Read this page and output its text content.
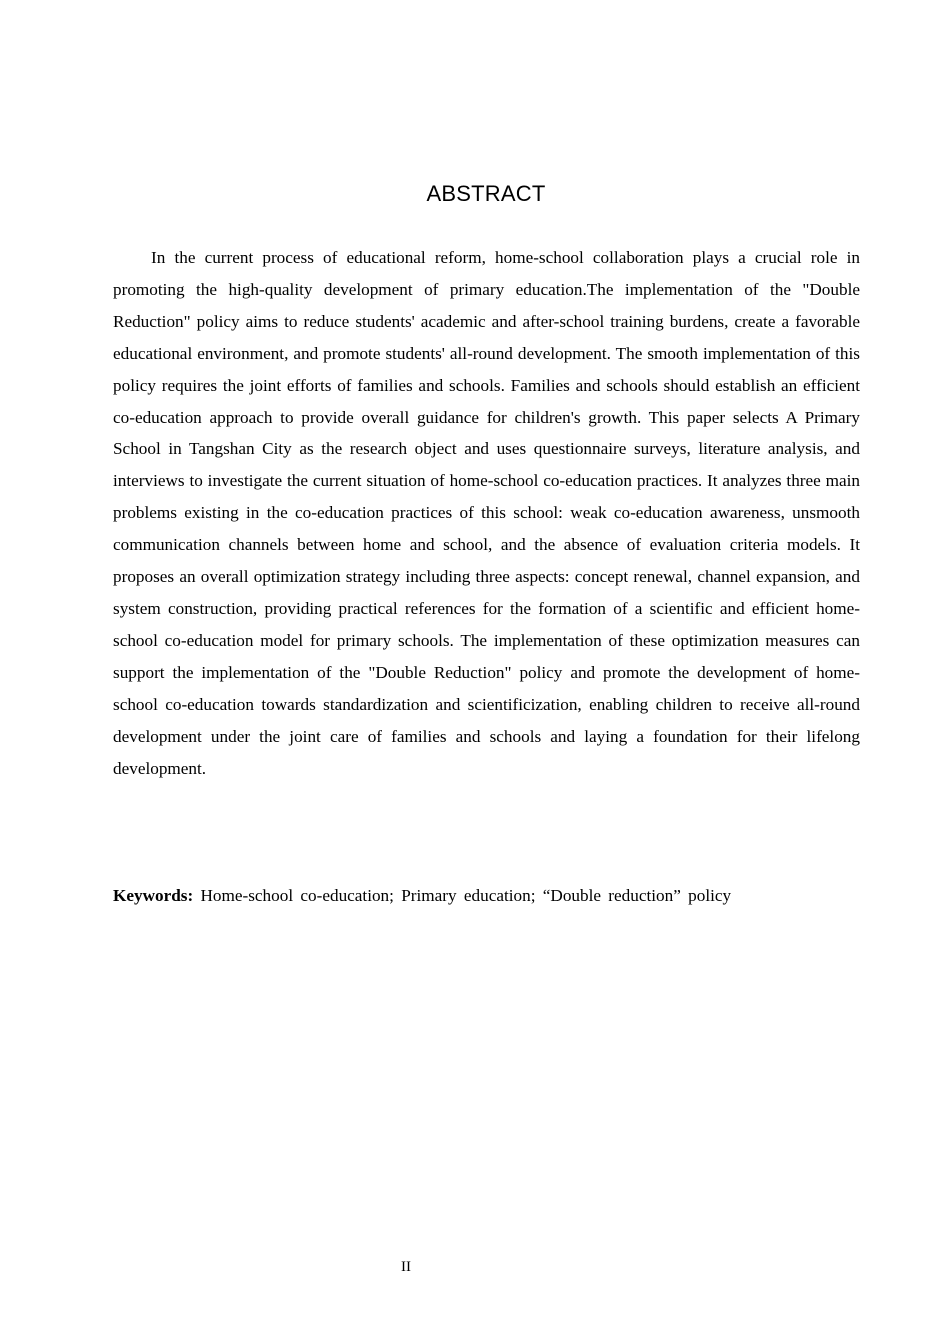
ABSTRACT

In the current process of educational reform, home-school collaboration plays a crucial role in promoting the high-quality development of primary education.The implementation of the "Double Reduction" policy aims to reduce students' academic and after-school training burdens, create a favorable educational environment, and promote students' all-round development. The smooth implementation of this policy requires the joint efforts of families and schools. Families and schools should establish an efficient co-education approach to provide overall guidance for children's growth. This paper selects A Primary School in Tangshan City as the research object and uses questionnaire surveys, literature analysis, and interviews to investigate the current situation of home-school co-education practices. It analyzes three main problems existing in the co-education practices of this school: weak co-education awareness, unsmooth communication channels between home and school, and the absence of evaluation criteria models. It proposes an overall optimization strategy including three aspects: concept renewal, channel expansion, and system construction, providing practical references for the formation of a scientific and efficient home-school co-education model for primary schools. The implementation of these optimization measures can support the implementation of the "Double Reduction" policy and promote the development of home-school co-education towards standardization and scientificization, enabling children to receive all-round development under the joint care of families and schools and laying a foundation for their lifelong development.

Keywords: Home-school co-education; Primary education; “Double reduction” policy

II
